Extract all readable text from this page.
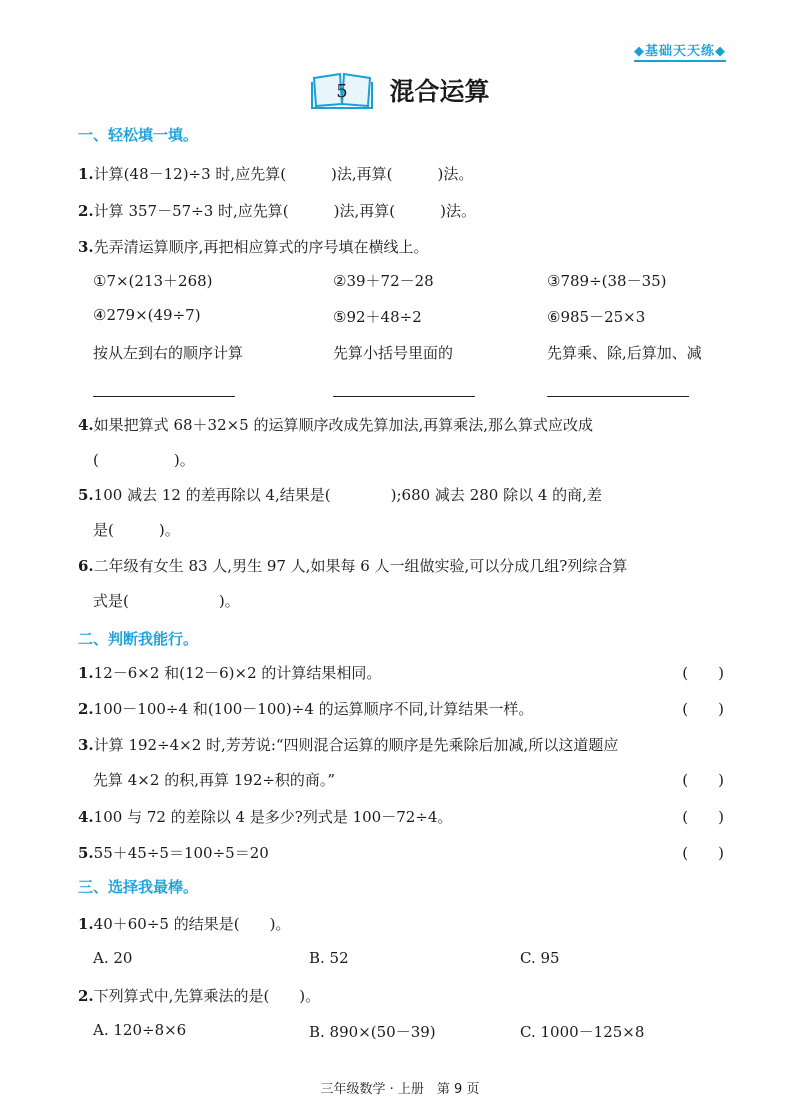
◆基础天天练◆
5 混合运算
一、轻松填一填。
1.计算(48－12)÷3 时,应先算(　　　)法,再算(　　　)法。
2.计算 357－57÷3 时,应先算(　　　)法,再算(　　　)法。
3.先弄清运算顺序,再把相应算式的序号填在横线上。
①7×(213＋268)	②39＋72－28	③789÷(38－35)
④279×(49÷7)	⑤92＋48÷2	⑥985－25×3
按从左到右的顺序计算	先算小括号里面的	先算乘、除,后算加、减
4.如果把算式 68＋32×5 的运算顺序改成先算加法,再算乘法,那么算式应改成
(　　　　　)。
5.100 减去 12 的差再除以 4,结果是(　　　　);680 减去 280 除以 4 的商,差
是(　　　)。
6.二年级有女生 83 人,男生 97 人,如果每 6 人一组做实验,可以分成几组?列综合算
式是(　　　　　　)。
二、判断我能行。
1.12－6×2 和(12－6)×2 的计算结果相同。	(　　)
2.100－100÷4 和(100－100)÷4 的运算顺序不同,计算结果一样。	(　　)
3.计算 192÷4×2 时,芳芳说:“四则混合运算的顺序是先乘除后加减,所以这道题应
先算 4×2 的积,再算 192÷积的商。”	(　　)
4.100 与 72 的差除以 4 是多少?列式是 100－72÷4。	(　　)
5.55＋45÷5＝100÷5＝20	(　　)
三、选择我最棒。
1.40＋60÷5 的结果是(　　)。
A. 20	B. 52	C. 95
2.下列算式中,先算乘法的是(　　)。
A. 120÷8×6	B. 890×(50－39)	C. 1000－125×8
三年级数学 · 上册　第 9 页
